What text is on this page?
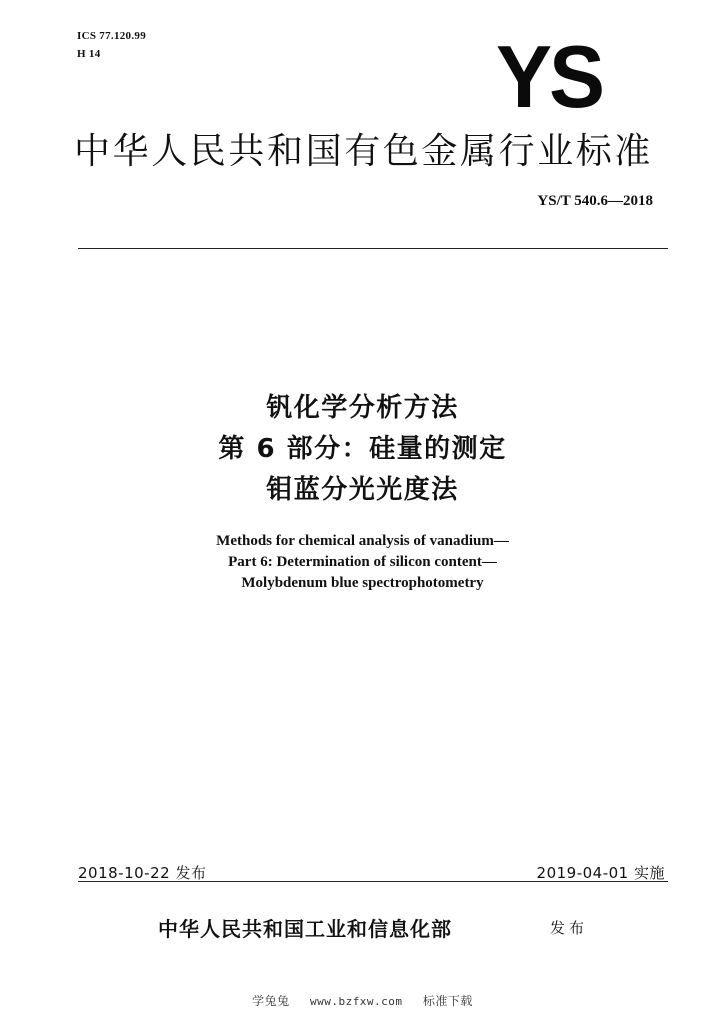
ICS 77.120.99
H 14	YS
中华人民共和国有色金属行业标准
YS/T 540.6—2018
钒化学分析方法
第 6 部分：硅量的测定
钼蓝分光光度法
Methods for chemical analysis of vanadium—
Part 6: Determination of silicon content—
Molybdenum blue spectrophotometry
2018-10-22 发布	2019-04-01 实施
中华人民共和国工业和信息化部	发布
学兔兔 www.bzfxw.com 标准下载
